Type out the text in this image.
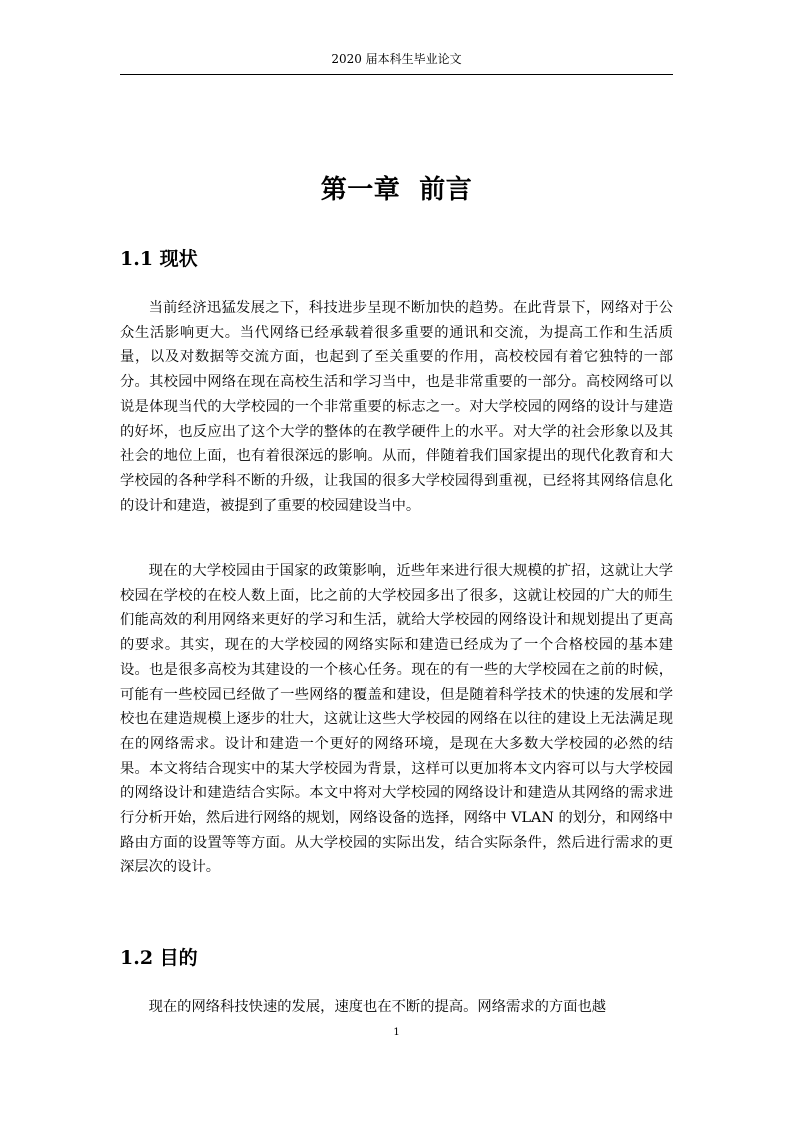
2020 届本科生毕业论文
第一章  前言
1.1 现状

当前经济迅猛发展之下，科技进步呈现不断加快的趋势。在此背景下，网络对于公众生活影响更大。当代网络已经承载着很多重要的通讯和交流，为提高工作和生活质量，以及对数据等交流方面，也起到了至关重要的作用，高校校园有着它独特的一部分。其校园中网络在现在高校生活和学习当中，也是非常重要的一部分。高校网络可以说是体现当代的大学校园的一个非常重要的标志之一。对大学校园的网络的设计与建造的好坏，也反应出了这个大学的整体的在教学硬件上的水平。对大学的社会形象以及其社会的地位上面，也有着很深远的影响。从而，伴随着我们国家提出的现代化教育和大学校园的各种学科不断的升级，让我国的很多大学校园得到重视，已经将其网络信息化的设计和建造，被提到了重要的校园建设当中。

现在的大学校园由于国家的政策影响，近些年来进行很大规模的扩招，这就让大学校园在学校的在校人数上面，比之前的大学校园多出了很多，这就让校园的广大的师生们能高效的利用网络来更好的学习和生活，就给大学校园的网络设计和规划提出了更高的要求。其实，现在的大学校园的网络实际和建造已经成为了一个合格校园的基本建设。也是很多高校为其建设的一个核心任务。现在的有一些的大学校园在之前的时候，可能有一些校园已经做了一些网络的覆盖和建设，但是随着科学技术的快速的发展和学校也在建造规模上逐步的壮大，这就让这些大学校园的网络在以往的建设上无法满足现在的网络需求。设计和建造一个更好的网络环境，是现在大多数大学校园的必然的结果。本文将结合现实中的某大学校园为背景，这样可以更加将本文内容可以与大学校园的网络设计和建造结合实际。本文中将对大学校园的网络设计和建造从其网络的需求进行分析开始，然后进行网络的规划，网络设备的选择，网络中 VLAN 的划分，和网络中路由方面的设置等等方面。从大学校园的实际出发，结合实际条件，然后进行需求的更深层次的设计。

1.2 目的

现在的网络科技快速的发展，速度也在不断的提高。网络需求的方面也越

1
